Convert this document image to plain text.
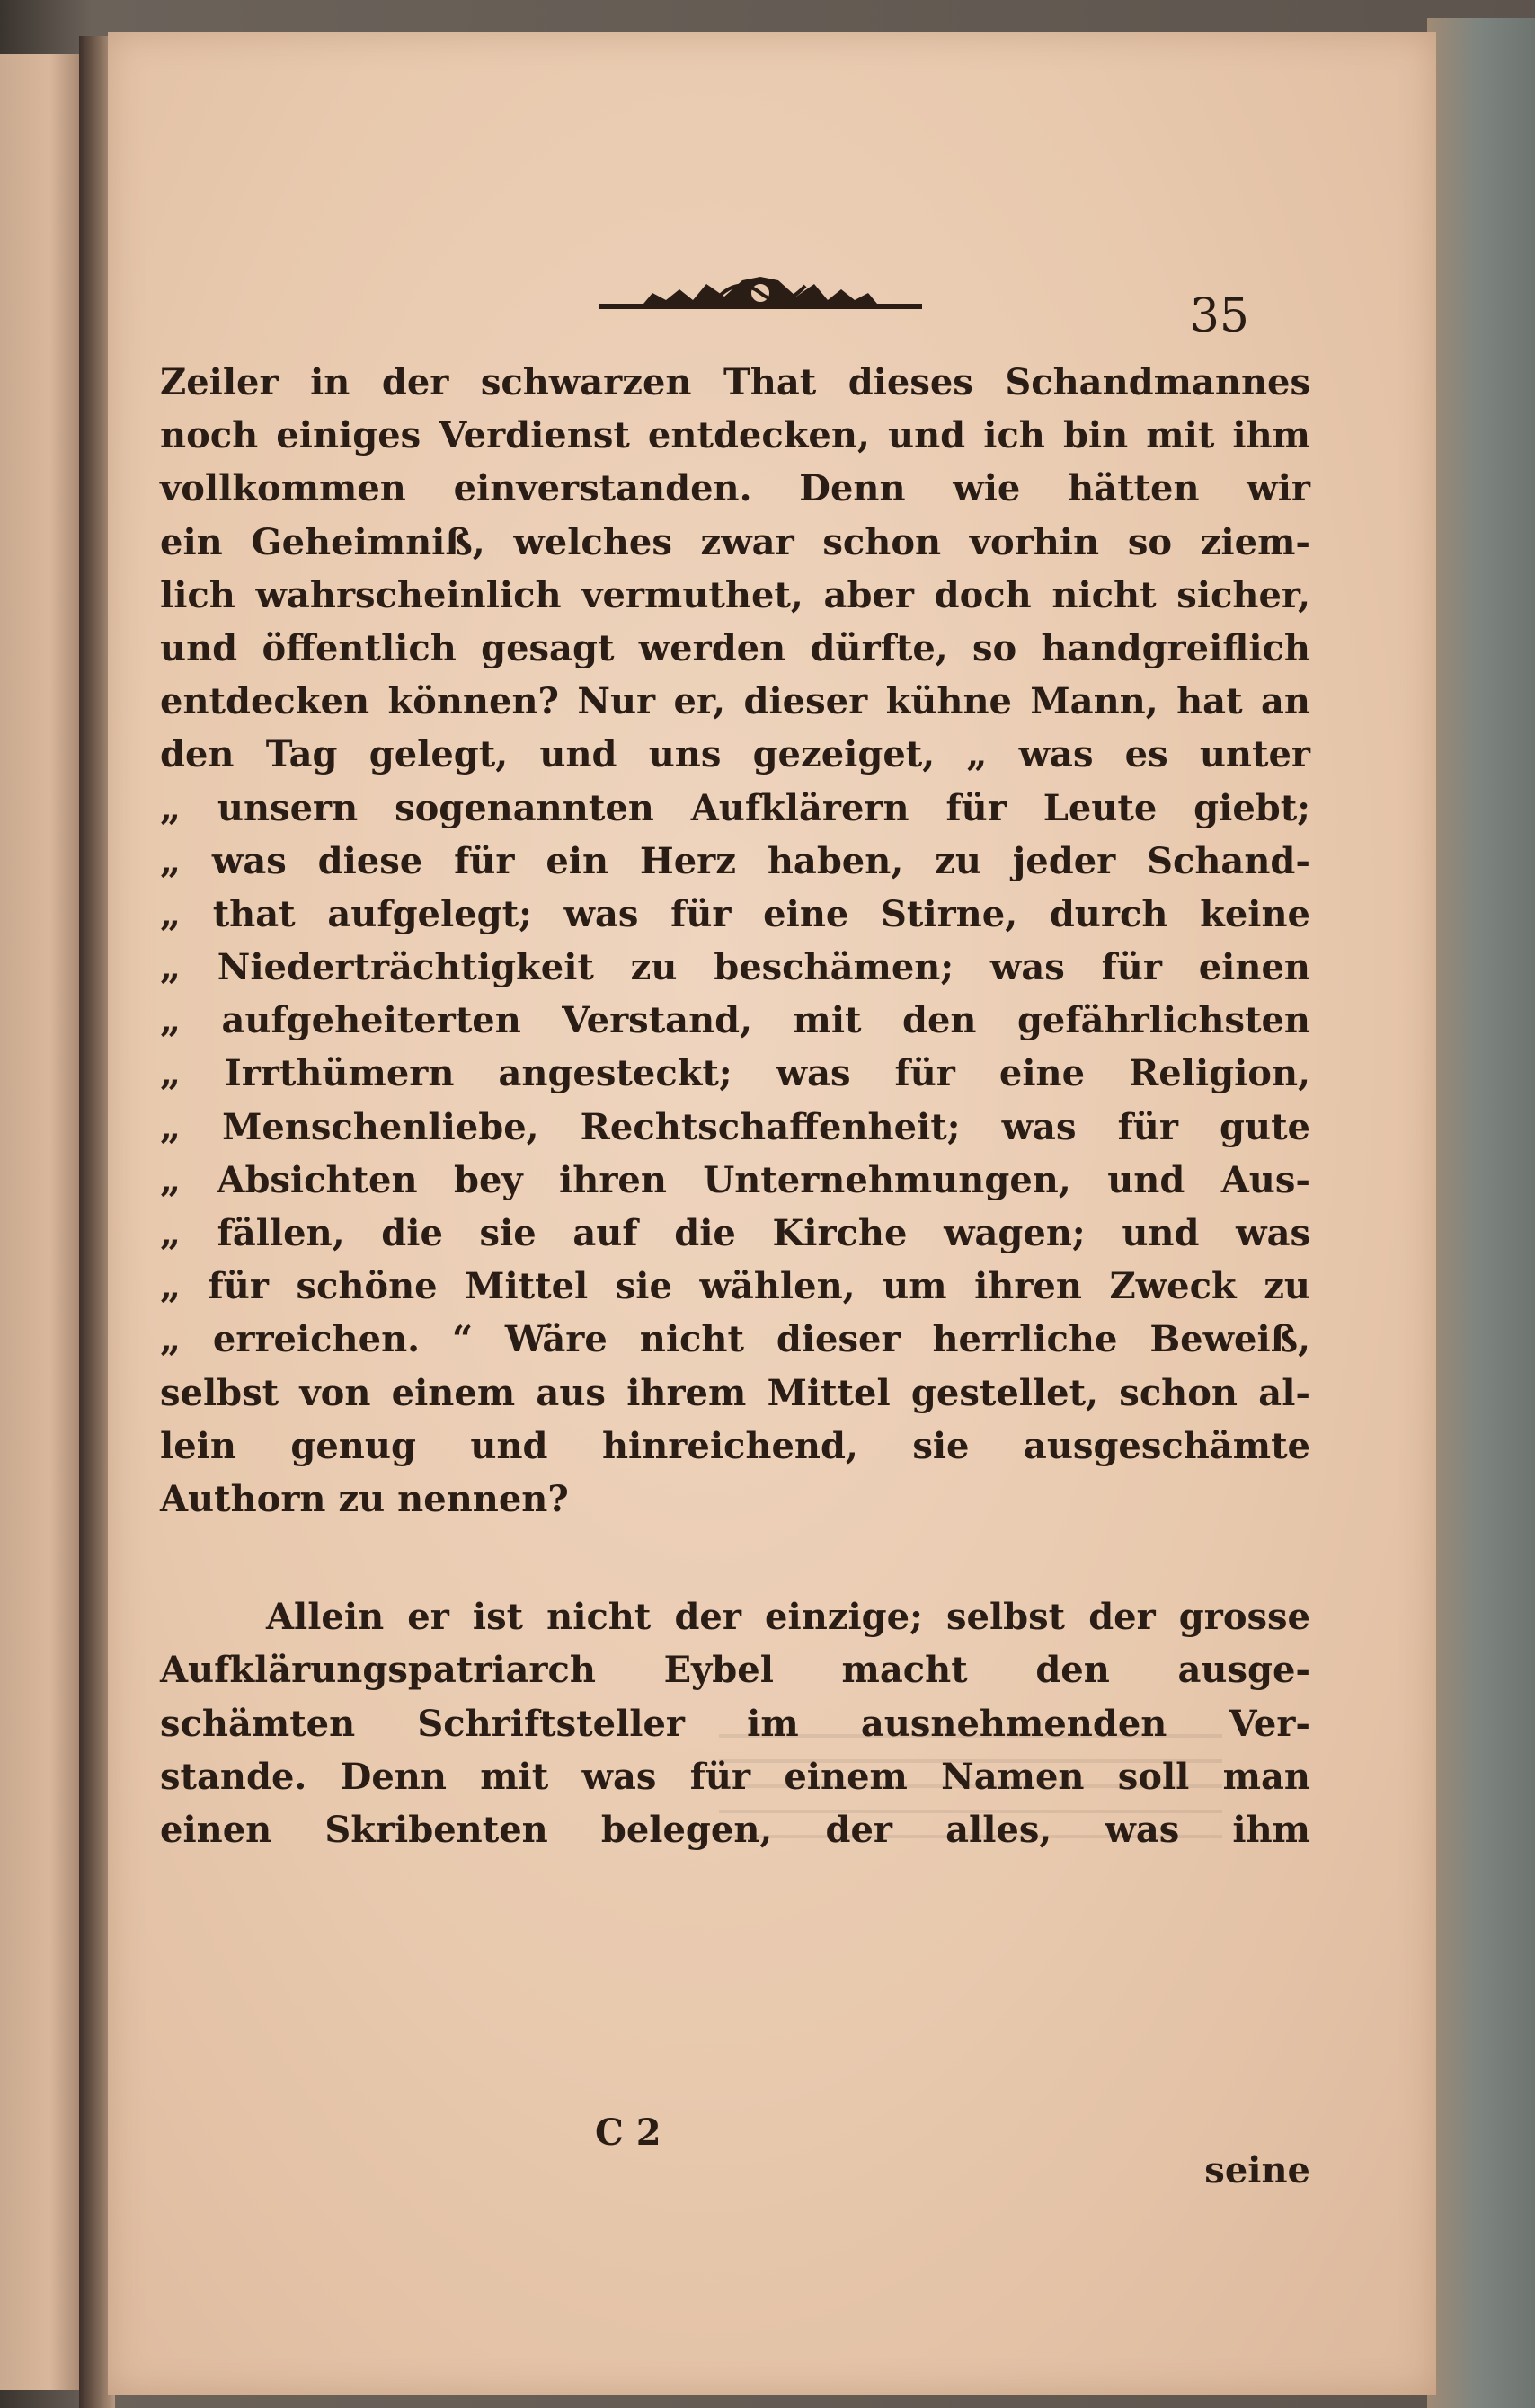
35
Zeiler in der schwarzen That dieses Schandmannes
noch einiges Verdienst entdecken, und ich bin mit ihm
vollkommen einverstanden. Denn wie hätten wir
ein Geheimniß, welches zwar schon vorhin so ziem-
lich wahrscheinlich vermuthet, aber doch nicht sicher,
und öffentlich gesagt werden dürfte, so handgreiflich
entdecken können? Nur er, dieser kühne Mann, hat an
den Tag gelegt, und uns gezeiget, „ was es unter
„ unsern sogenannten Aufklärern für Leute giebt;
„ was diese für ein Herz haben, zu jeder Schand-
„ that aufgelegt; was für eine Stirne, durch keine
„ Niederträchtigkeit zu beschämen; was für einen
„ aufgeheiterten Verstand, mit den gefährlichsten
„ Irrthümern angesteckt; was für eine Religion,
„ Menschenliebe, Rechtschaffenheit; was für gute
„ Absichten bey ihren Unternehmungen, und Aus-
„ fällen, die sie auf die Kirche wagen; und was
„ für schöne Mittel sie wählen, um ihren Zweck zu
„ erreichen. “ Wäre nicht dieser herrliche Beweiß,
selbst von einem aus ihrem Mittel gestellet, schon al-
lein genug und hinreichend, sie ausgeschämte
Authorn zu nennen?
Allein er ist nicht der einzige; selbst der grosse
Aufklärungspatriarch Eybel macht den ausge-
schämten Schriftsteller im ausnehmenden Ver-
stande. Denn mit was für einem Namen soll man
einen Skribenten belegen, der alles, was ihm
C 2
seine
